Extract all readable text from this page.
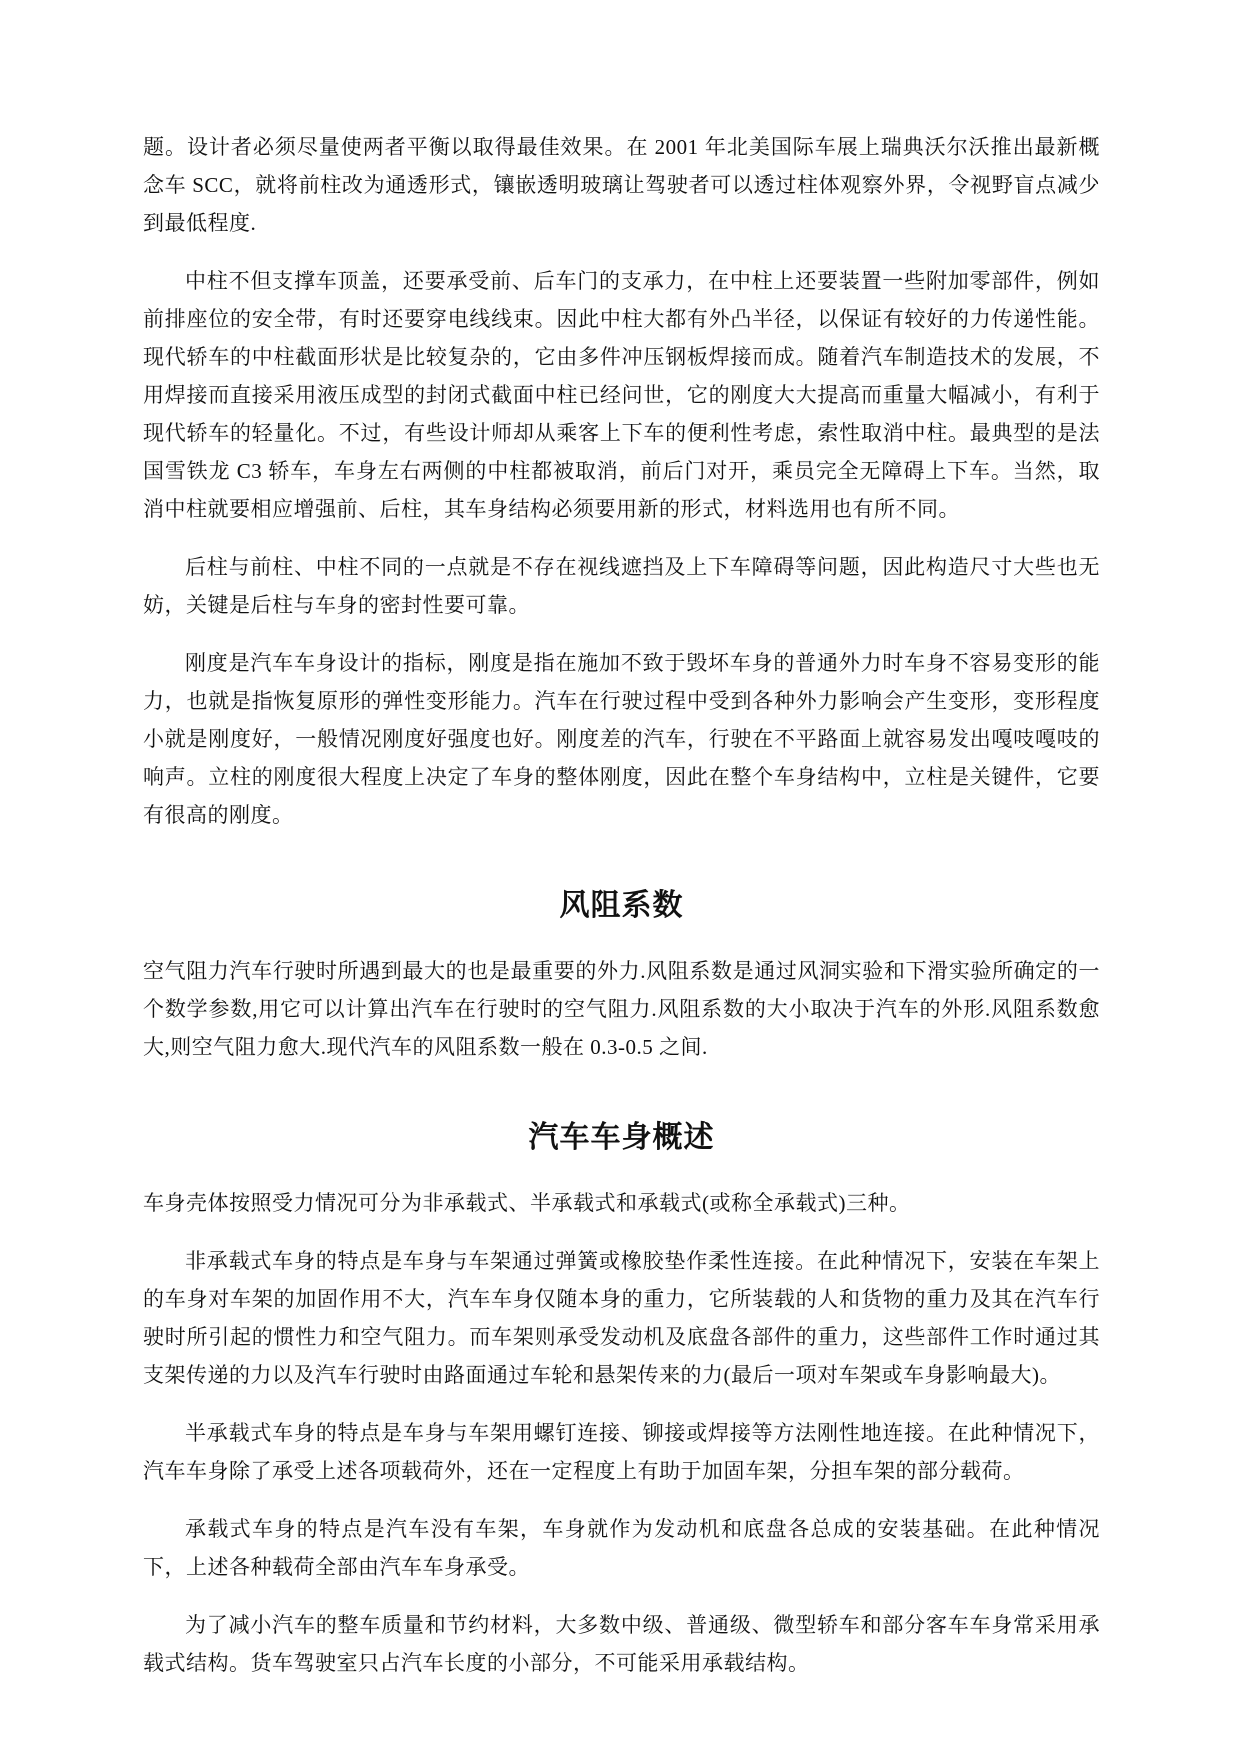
题。设计者必须尽量使两者平衡以取得最佳效果。在 2001 年北美国际车展上瑞典沃尔沃推出最新概念车 SCC，就将前柱改为通透形式，镶嵌透明玻璃让驾驶者可以透过柱体观察外界，令视野盲点减少到最低程度.

中柱不但支撑车顶盖，还要承受前、后车门的支承力，在中柱上还要装置一些附加零部件，例如前排座位的安全带，有时还要穿电线线束。因此中柱大都有外凸半径，以保证有较好的力传递性能。现代轿车的中柱截面形状是比较复杂的，它由多件冲压钢板焊接而成。随着汽车制造技术的发展，不用焊接而直接采用液压成型的封闭式截面中柱已经问世，它的刚度大大提高而重量大幅减小，有利于现代轿车的轻量化。不过，有些设计师却从乘客上下车的便利性考虑，索性取消中柱。最典型的是法国雪铁龙 C3 轿车，车身左右两侧的中柱都被取消，前后门对开，乘员完全无障碍上下车。当然，取消中柱就要相应增强前、后柱，其车身结构必须要用新的形式，材料选用也有所不同。

后柱与前柱、中柱不同的一点就是不存在视线遮挡及上下车障碍等问题，因此构造尺寸大些也无妨，关键是后柱与车身的密封性要可靠。

刚度是汽车车身设计的指标，刚度是指在施加不致于毁坏车身的普通外力时车身不容易变形的能力，也就是指恢复原形的弹性变形能力。汽车在行驶过程中受到各种外力影响会产生变形，变形程度小就是刚度好，一般情况刚度好强度也好。刚度差的汽车，行驶在不平路面上就容易发出嘎吱嘎吱的响声。立柱的刚度很大程度上决定了车身的整体刚度，因此在整个车身结构中，立柱是关键件，它要有很高的刚度。

风阻系数

空气阻力汽车行驶时所遇到最大的也是最重要的外力.风阻系数是通过风洞实验和下滑实验所确定的一个数学参数,用它可以计算出汽车在行驶时的空气阻力.风阻系数的大小取决于汽车的外形.风阻系数愈大,则空气阻力愈大.现代汽车的风阻系数一般在 0.3-0.5 之间.

汽车车身概述

车身壳体按照受力情况可分为非承载式、半承载式和承载式(或称全承载式)三种。

非承载式车身的特点是车身与车架通过弹簧或橡胶垫作柔性连接。在此种情况下，安装在车架上的车身对车架的加固作用不大，汽车车身仅随本身的重力，它所装载的人和货物的重力及其在汽车行驶时所引起的惯性力和空气阻力。而车架则承受发动机及底盘各部件的重力，这些部件工作时通过其支架传递的力以及汽车行驶时由路面通过车轮和悬架传来的力(最后一项对车架或车身影响最大)。

半承载式车身的特点是车身与车架用螺钉连接、铆接或焊接等方法刚性地连接。在此种情况下，汽车车身除了承受上述各项载荷外，还在一定程度上有助于加固车架，分担车架的部分载荷。

承载式车身的特点是汽车没有车架，车身就作为发动机和底盘各总成的安装基础。在此种情况下，上述各种载荷全部由汽车车身承受。

为了减小汽车的整车质量和节约材料，大多数中级、普通级、微型轿车和部分客车车身常采用承载式结构。货车驾驶室只占汽车长度的小部分，不可能采用承载结构。
